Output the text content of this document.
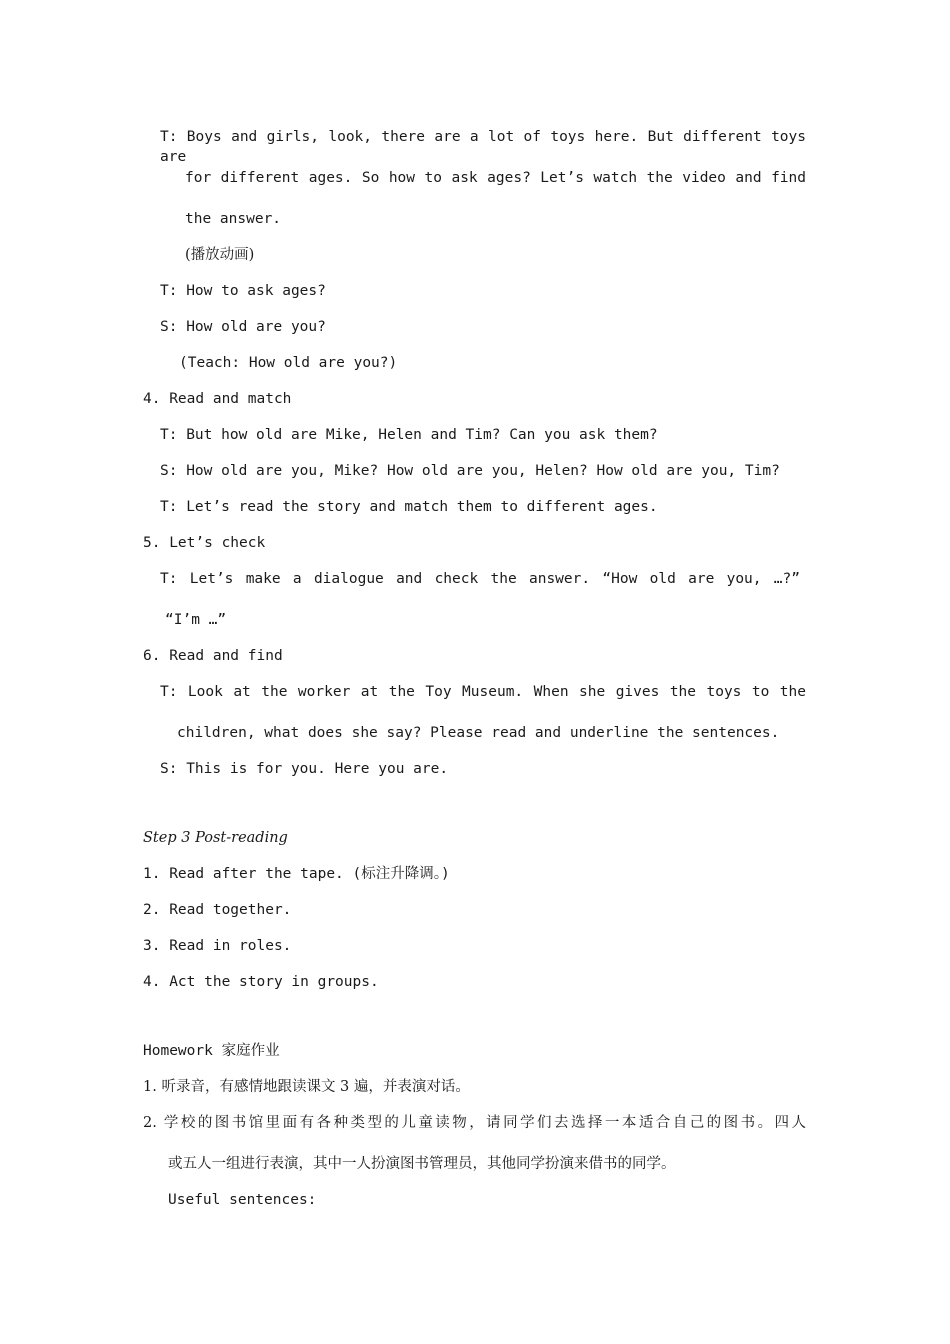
T: Boys and girls, look, there are a lot of toys here. But different toys are
for different ages. So how to ask ages? Let’s watch the video and find
the answer.
(播放动画)
T: How to ask ages?
S: How old are you?
(Teach: How old are you?)
4. Read and match
T: But how old are Mike, Helen and Tim? Can you ask them?
S: How old are you, Mike? How old are you, Helen? How old are you, Tim?
T: Let’s read the story and match them to different ages.
5. Let’s check
T: Let’s make a dialogue and check the answer. “How old are you, …?”
“I’m …”
6. Read and find
T: Look at the worker at the Toy Museum. When she gives the toys to the
children, what does she say? Please read and underline the sentences.
S: This is for you. Here you are.
Step 3 Post-reading
1. Read after the tape. (标注升降调。)
2. Read together.
3. Read in roles.
4. Act the story in groups.
Homework 家庭作业
1. 听录音，有感情地跟读课文 3 遍，并表演对话。
2. 学校的图书馆里面有各种类型的儿童读物，请同学们去选择一本适合自己的图书。四人
或五人一组进行表演，其中一人扮演图书管理员，其他同学扮演来借书的同学。
Useful sentences:
